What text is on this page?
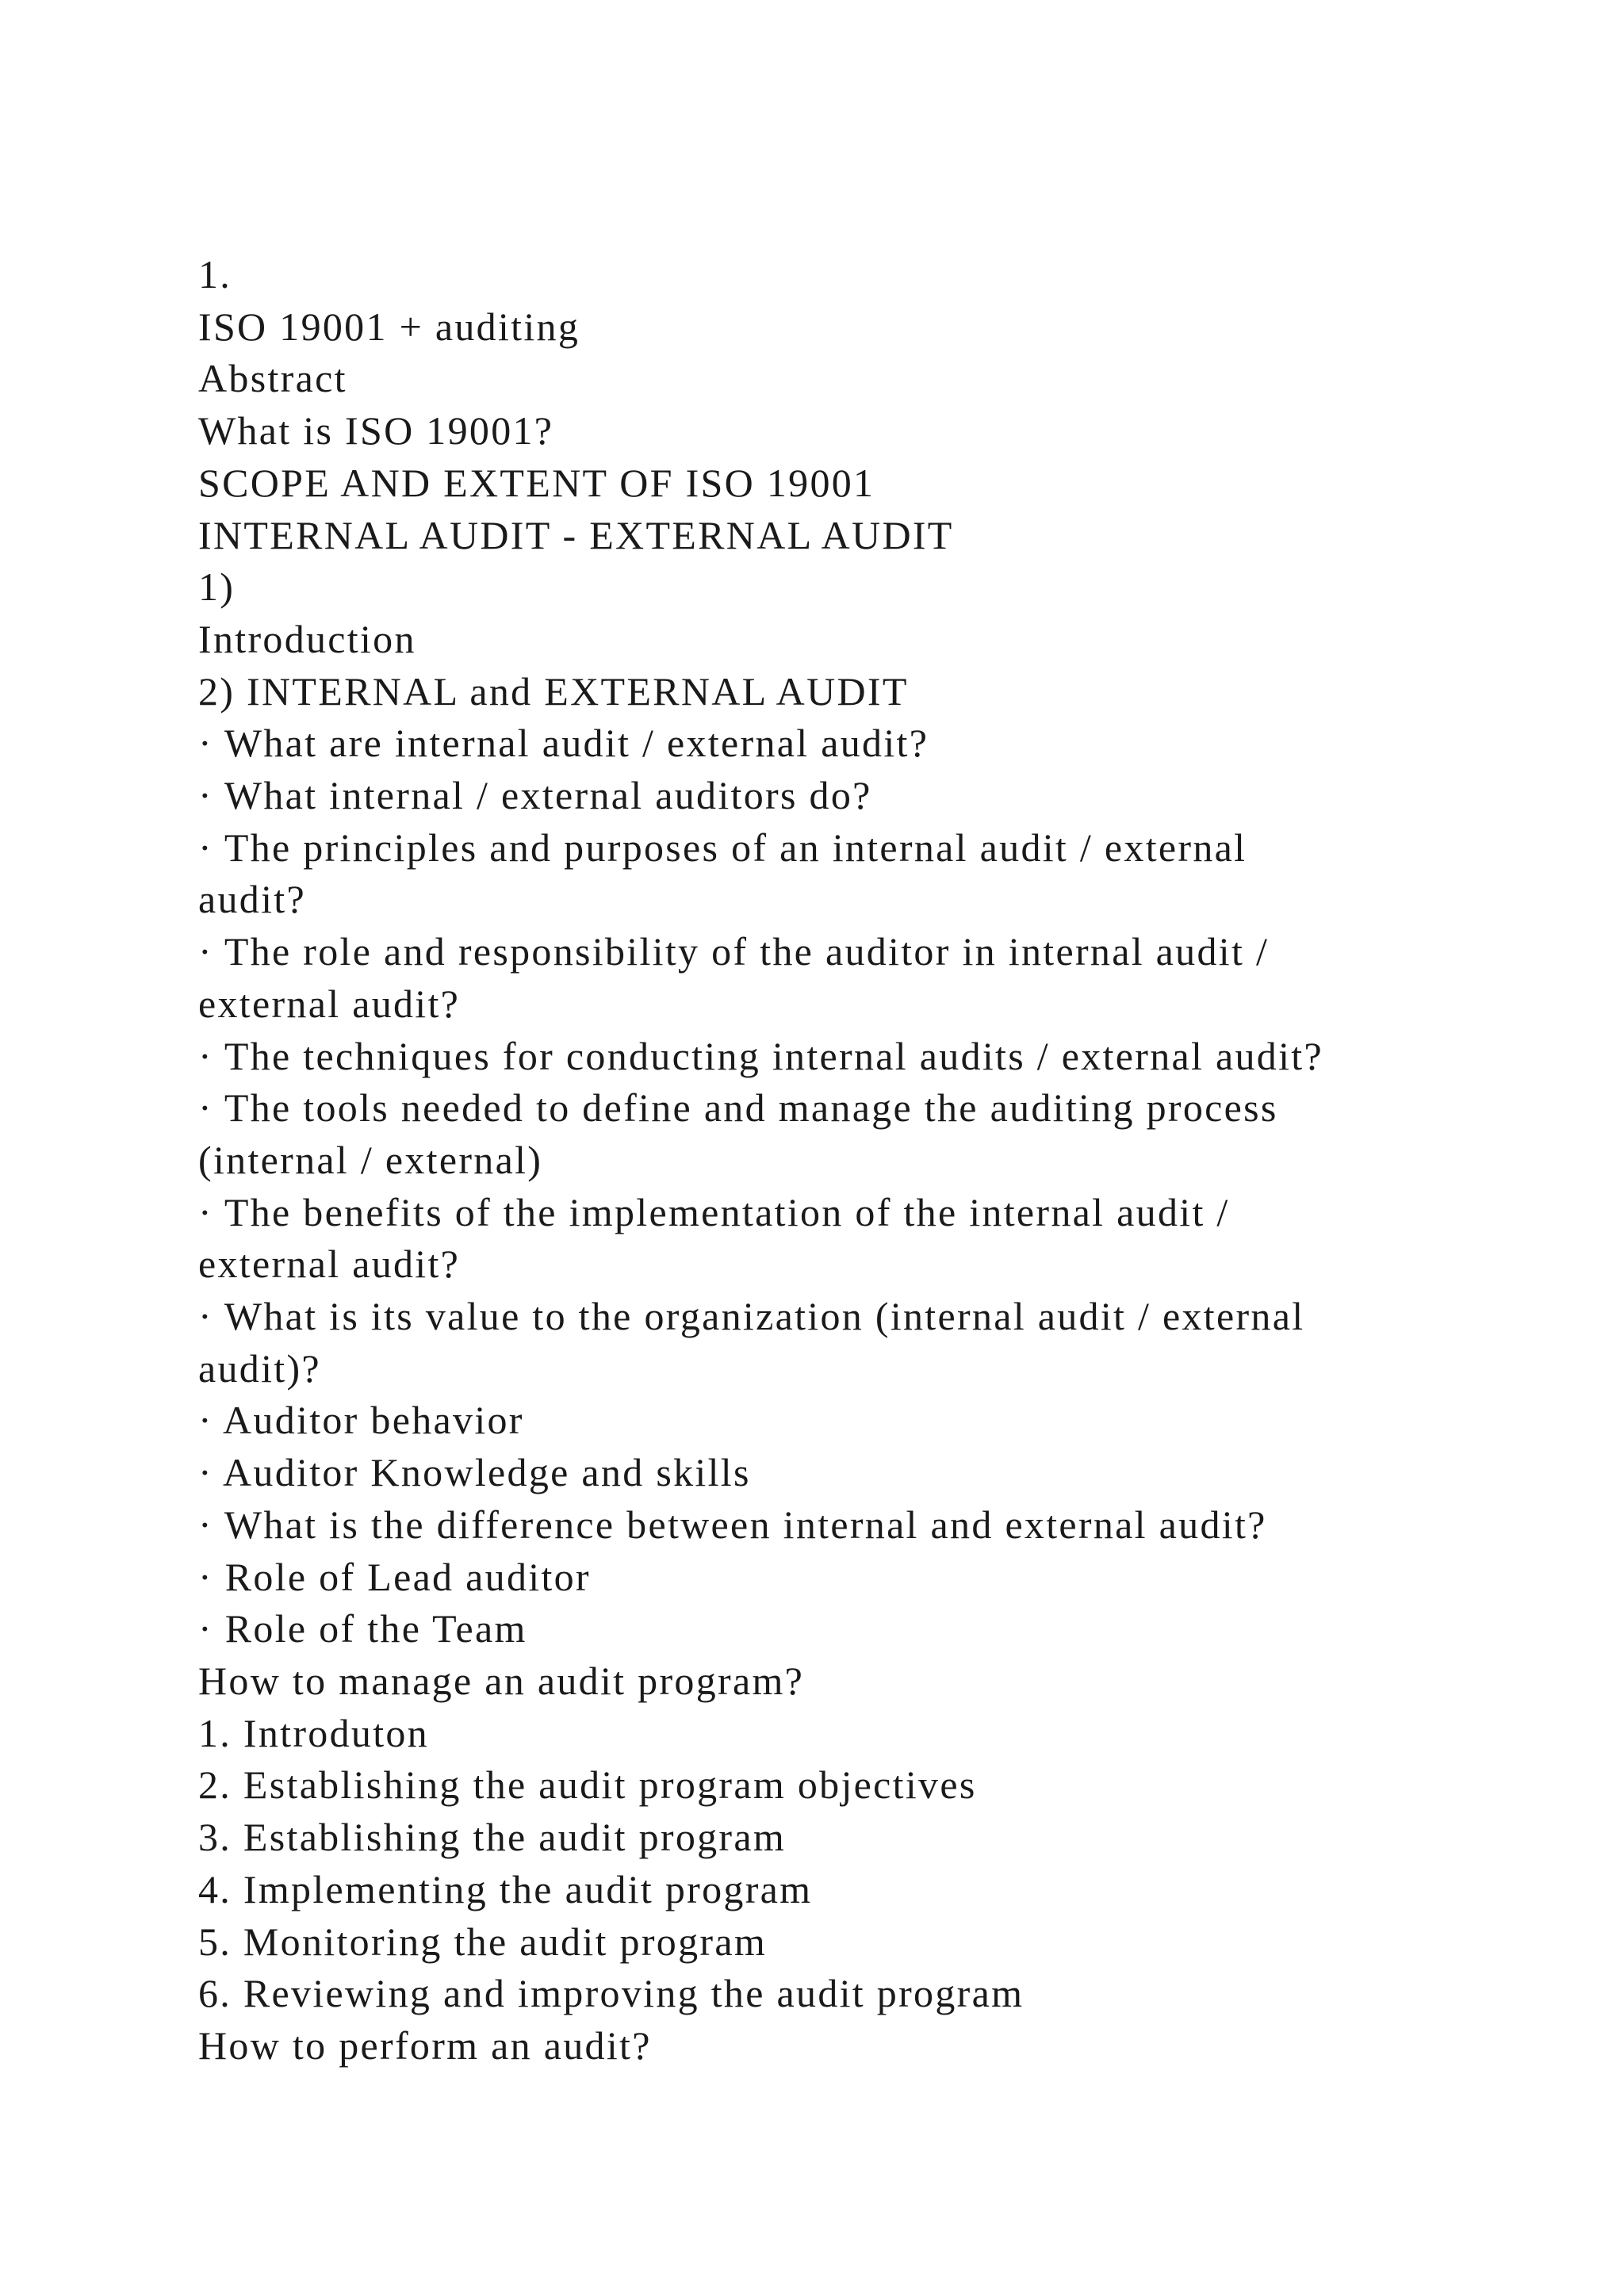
1.
ISO 19001 + auditing
Abstract
What is ISO 19001?
SCOPE AND EXTENT OF ISO 19001
INTERNAL AUDIT - EXTERNAL AUDIT
1)
Introduction
2) INTERNAL and EXTERNAL AUDIT
· What are internal audit / external audit?
· What internal / external auditors do?
· The principles and purposes of an internal audit / external
audit?
· The role and responsibility of the auditor in internal audit /
external audit?
· The techniques for conducting internal audits / external audit?
· The tools needed to define and manage the auditing process
(internal / external)
· The benefits of the implementation of the internal audit /
external audit?
· What is its value to the organization (internal audit / external
audit)?
· Auditor behavior
· Auditor Knowledge and skills
· What is the difference between internal and external audit?
· Role of Lead auditor
· Role of the Team
How to manage an audit program?
1. Introduton
2. Establishing the audit program objectives
3. Establishing the audit program
4. Implementing the audit program
5. Monitoring the audit program
6. Reviewing and improving the audit program
How to perform an audit?
